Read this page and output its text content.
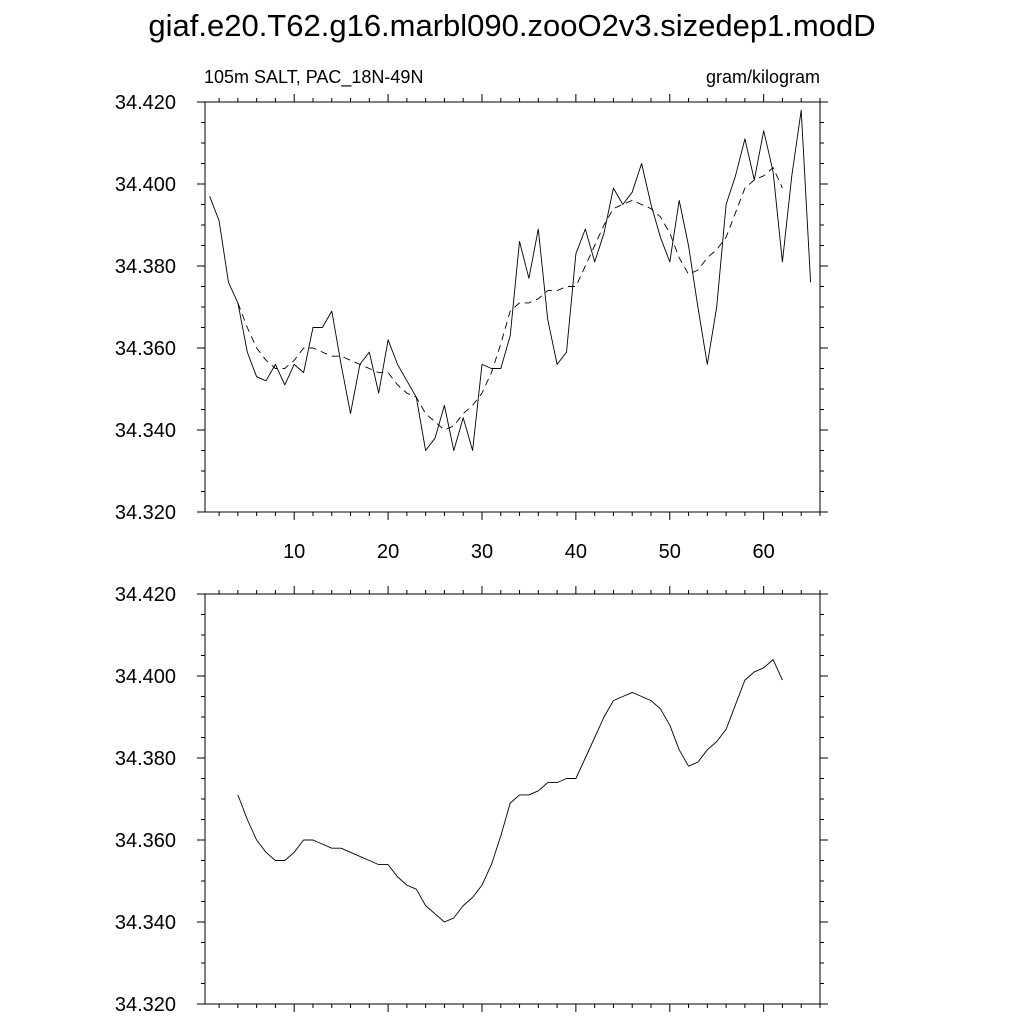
giaf.e20.T62.g16.marbl090.zooO2v3.sizedep1.modD
34.420
34.400
34.380
34.360
34.340
34.320
10	20	30	40	50	60
105m SALT, PAC_18N-49N	gram/kilogram
34.420
34.400
34.380
34.360
34.340
34.320
